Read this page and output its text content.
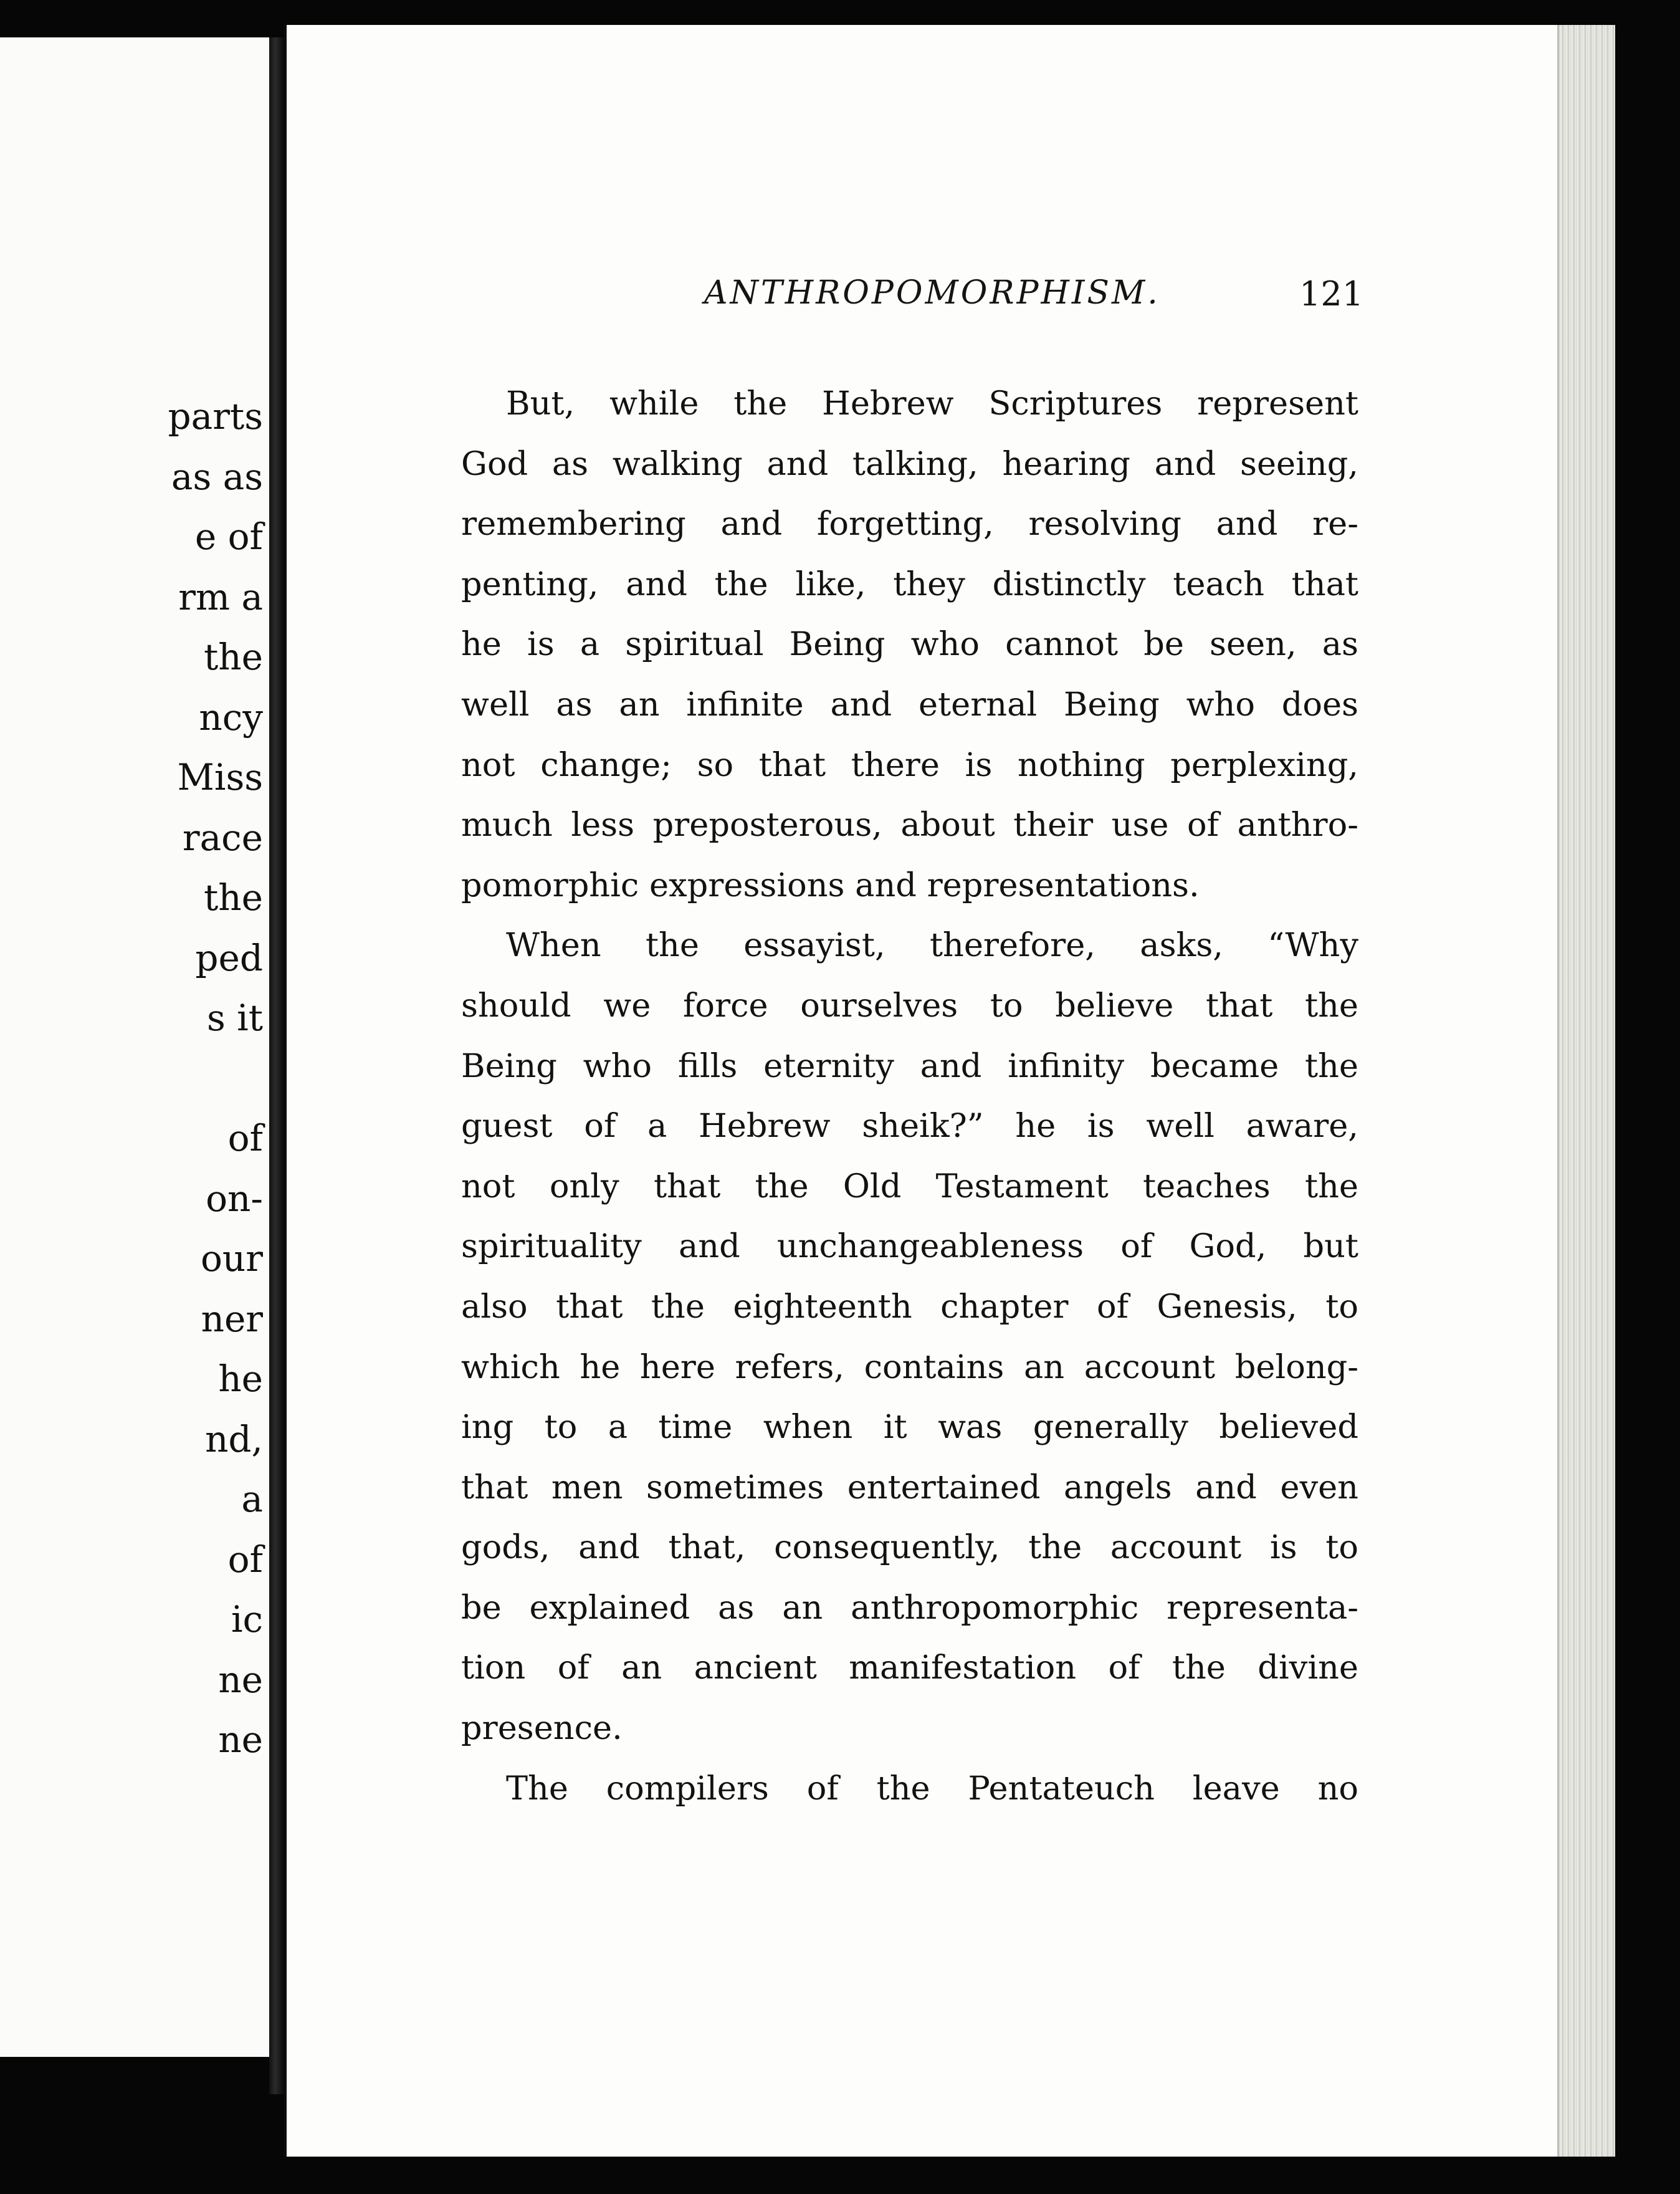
parts
as as
e of
rm a
the
ncy
Miss
race
the
ped
s it

of
on-
our
ner
he
nd,
a
of
ic
ne
ne
ANTHROPOMORPHISM.	121
But, while the Hebrew Scriptures represent
God as walking and talking, hearing and seeing,
remembering and forgetting, resolving and re-
penting, and the like, they distinctly teach that
he is a spiritual Being who cannot be seen, as
well as an infinite and eternal Being who does
not change; so that there is nothing perplexing,
much less preposterous, about their use of anthro-
pomorphic expressions and representations.
When the essayist, therefore, asks, “Why
should we force ourselves to believe that the
Being who fills eternity and infinity became the
guest of a Hebrew sheik?” he is well aware,
not only that the Old Testament teaches the
spirituality and unchangeableness of God, but
also that the eighteenth chapter of Genesis, to
which he here refers, contains an account belong-
ing to a time when it was generally believed
that men sometimes entertained angels and even
gods, and that, consequently, the account is to
be explained as an anthropomorphic representa-
tion of an ancient manifestation of the divine
presence.
The compilers of the Pentateuch leave no
